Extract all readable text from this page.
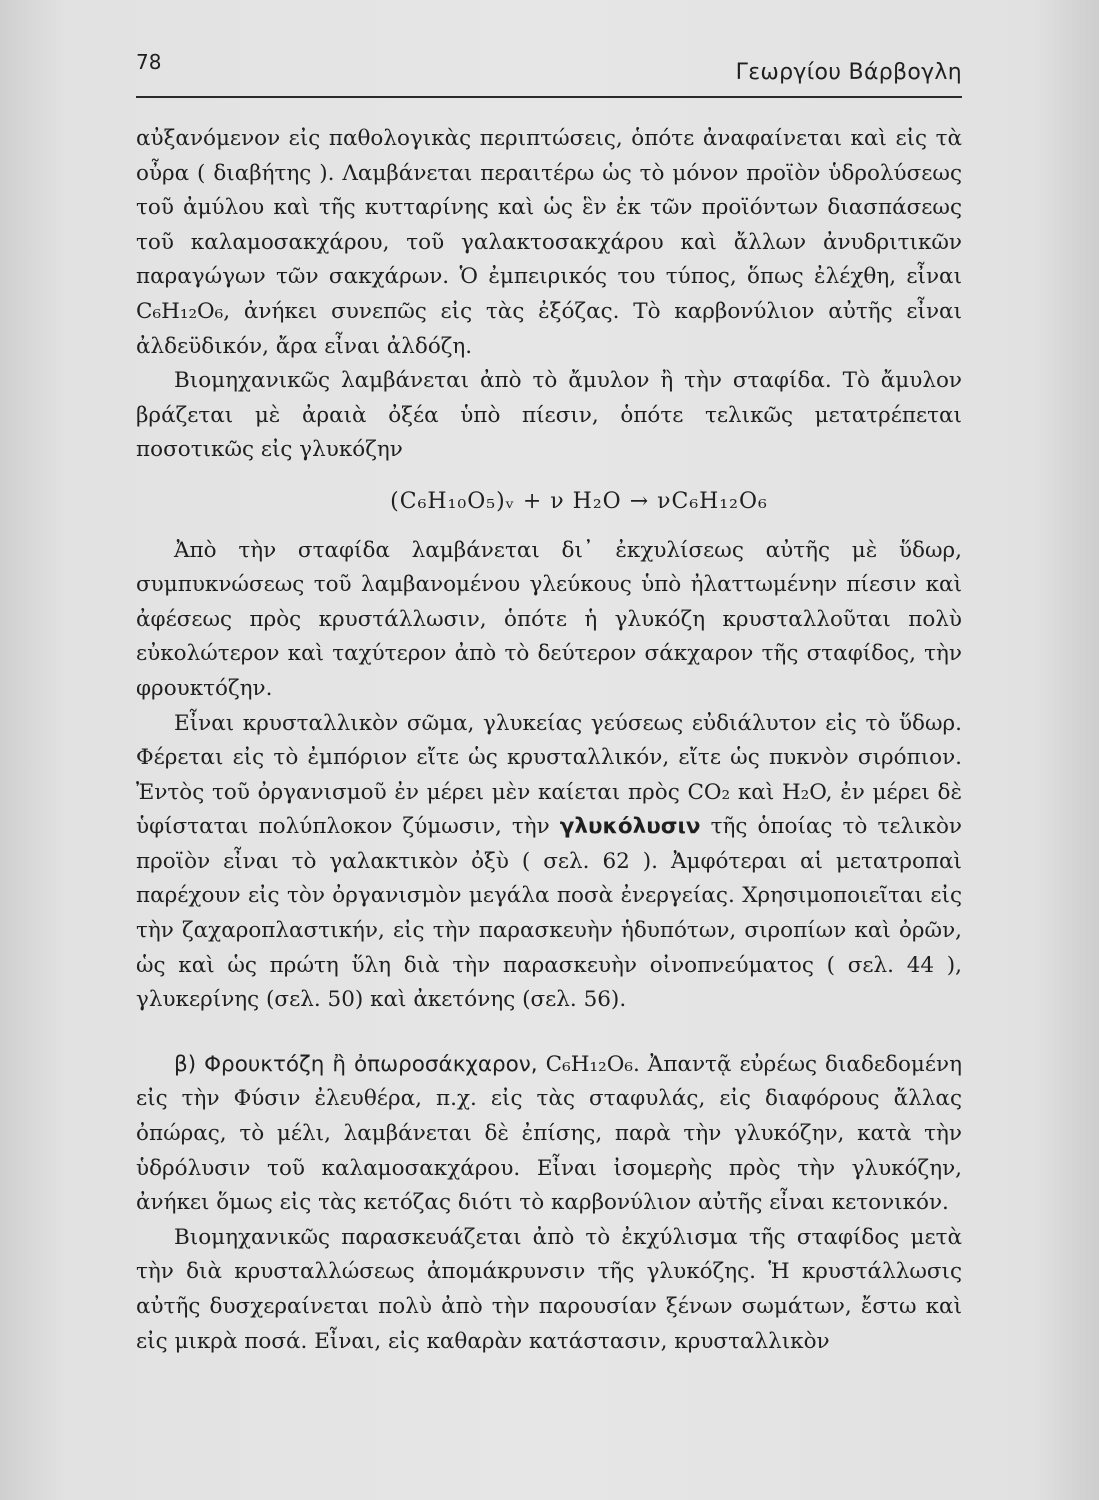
78	Γεωργίου Βάρβογλη

αὐξανόμενον εἰς παθολογικὰς περιπτώσεις, ὁπότε ἀναφαίνεται καὶ εἰς τὰ οὖρα ( διαβήτης ). Λαμβάνεται περαιτέρω ὡς τὸ μόνον προϊὸν ὑδρολύσεως τοῦ ἀμύλου καὶ τῆς κυτταρίνης καὶ ὡς ἓν ἐκ τῶν προϊόντων διασπάσεως τοῦ καλαμοσακχάρου, τοῦ γαλακτοσακχάρου καὶ ἄλλων ἀνυδριτικῶν παραγώγων τῶν σακχάρων. Ὁ ἐμπειρικός του τύπος, ὅπως ἐλέχθη, εἶναι C₆H₁₂O₆, ἀνήκει συνεπῶς εἰς τὰς ἐξόζας. Τὸ καρβονύλιον αὐτῆς εἶναι ἀλδεϋδικόν, ἄρα εἶναι ἀλδόζη.

Βιομηχανικῶς λαμβάνεται ἀπὸ τὸ ἄμυλον ἢ τὴν σταφίδα. Τὸ ἄμυλον βράζεται μὲ ἀραιὰ ὀξέα ὑπὸ πίεσιν, ὁπότε τελικῶς μετατρέπεται ποσοτικῶς εἰς γλυκόζην

(C₆H₁₀O₅)ᵥ + ν H₂O → νC₆H₁₂O₆

Ἀπὸ τὴν σταφίδα λαμβάνεται δι᾽ ἐκχυλίσεως αὐτῆς μὲ ὕδωρ, συμπυκνώσεως τοῦ λαμβανομένου γλεύκους ὑπὸ ἠλαττωμένην πίεσιν καὶ ἀφέσεως πρὸς κρυστάλλωσιν, ὁπότε ἡ γλυκόζη κρυσταλλοῦται πολὺ εὐκολώτερον καὶ ταχύτερον ἀπὸ τὸ δεύτερον σάκχαρον τῆς σταφίδος, τὴν φρουκτόζην.

Εἶναι κρυσταλλικὸν σῶμα, γλυκείας γεύσεως εὐδιάλυτον εἰς τὸ ὕδωρ. Φέρεται εἰς τὸ ἐμπόριον εἴτε ὡς κρυσταλλικόν, εἴτε ὡς πυκνὸν σιρόπιον. Ἐντὸς τοῦ ὀργανισμοῦ ἐν μέρει μὲν καίεται πρὸς CO₂ καὶ H₂O, ἐν μέρει δὲ ὑφίσταται πολύπλοκον ζύμωσιν, τὴν γλυκόλυσιν τῆς ὁποίας τὸ τελικὸν προϊὸν εἶναι τὸ γαλακτικὸν ὀξὺ ( σελ. 62 ). Ἀμφότεραι αἱ μετατροπαὶ παρέχουν εἰς τὸν ὀργανισμὸν μεγάλα ποσὰ ἐνεργείας. Χρησιμοποιεῖται εἰς τὴν ζαχαροπλαστικήν, εἰς τὴν παρασκευὴν ἡδυπότων, σιροπίων καὶ ὀρῶν, ὡς καὶ ὡς πρώτη ὕλη διὰ τὴν παρασκευὴν οἰνοπνεύματος ( σελ. 44 ), γλυκερίνης (σελ. 50) καὶ ἀκετόνης (σελ. 56).

β) Φρουκτόζη ἢ ὀπωροσάκχαρον, C₆H₁₂O₆. Ἀπαντᾷ εὐρέως διαδεδομένη εἰς τὴν Φύσιν ἐλευθέρα, π.χ. εἰς τὰς σταφυλάς, εἰς διαφόρους ἄλλας ὀπώρας, τὸ μέλι, λαμβάνεται δὲ ἐπίσης, παρὰ τὴν γλυκόζην, κατὰ τὴν ὑδρόλυσιν τοῦ καλαμοσακχάρου. Εἶναι ἰσομερὴς πρὸς τὴν γλυκόζην, ἀνήκει ὅμως εἰς τὰς κετόζας διότι τὸ καρβονύλιον αὐτῆς εἶναι κετονικόν.

Βιομηχανικῶς παρασκευάζεται ἀπὸ τὸ ἐκχύλισμα τῆς σταφίδος μετὰ τὴν διὰ κρυσταλλώσεως ἀπομάκρυνσιν τῆς γλυκόζης. Ἡ κρυστάλλωσις αὐτῆς δυσχεραίνεται πολὺ ἀπὸ τὴν παρουσίαν ξένων σωμάτων, ἔστω καὶ εἰς μικρὰ ποσά. Εἶναι, εἰς καθαρὰν κατάστασιν, κρυσταλλικὸν
